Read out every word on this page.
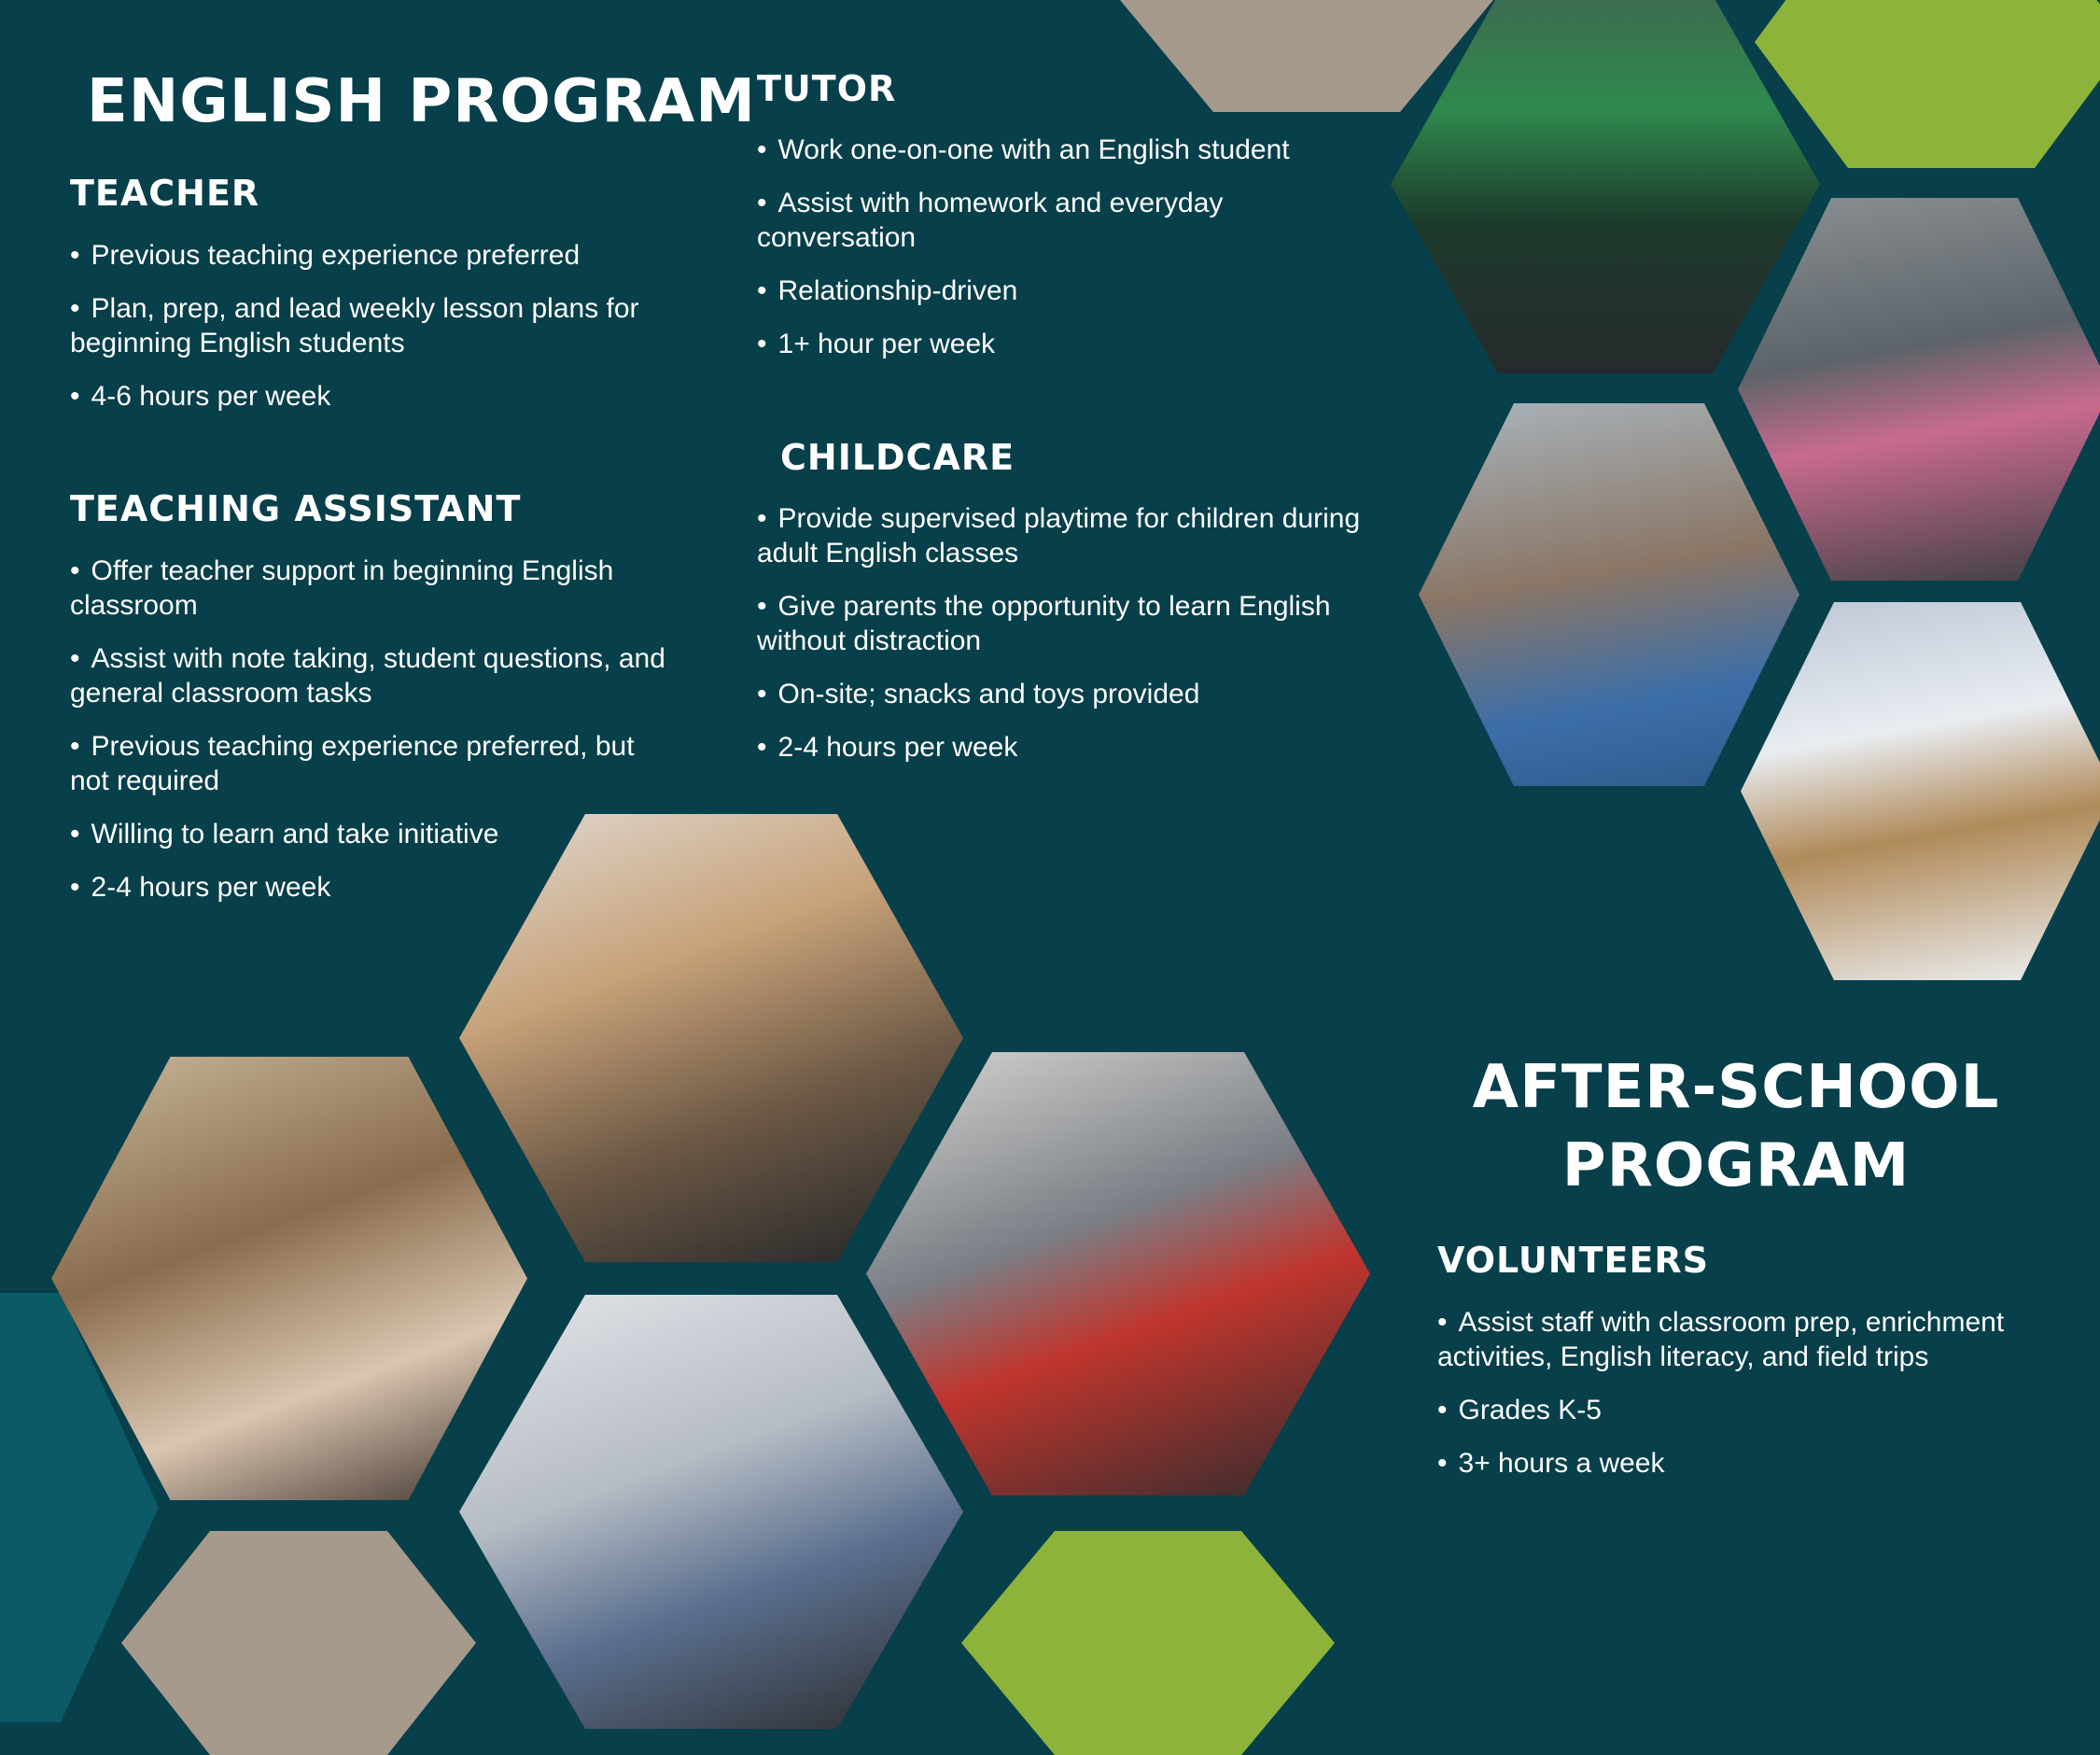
ENGLISH PROGRAM
TEACHER
• Previous teaching experience preferred
• Plan, prep, and lead weekly lesson plans for beginning English students
• 4-6 hours per week
TEACHING ASSISTANT
• Offer teacher support in beginning English classroom
• Assist with note taking, student questions, and general classroom tasks
• Previous teaching experience preferred, but not required
• Willing to learn and take initiative
• 2-4 hours per week
TUTOR
• Work one-on-one with an English student
• Assist with homework and everyday conversation
• Relationship-driven
• 1+ hour per week
CHILDCARE
• Provide supervised playtime for children during adult English classes
• Give parents the opportunity to learn English without distraction
• On-site; snacks and toys provided
• 2-4 hours per week
AFTER-SCHOOL
PROGRAM
VOLUNTEERS
• Assist staff with classroom prep, enrichment activities, English literacy, and field trips
• Grades K-5
• 3+ hours a week
